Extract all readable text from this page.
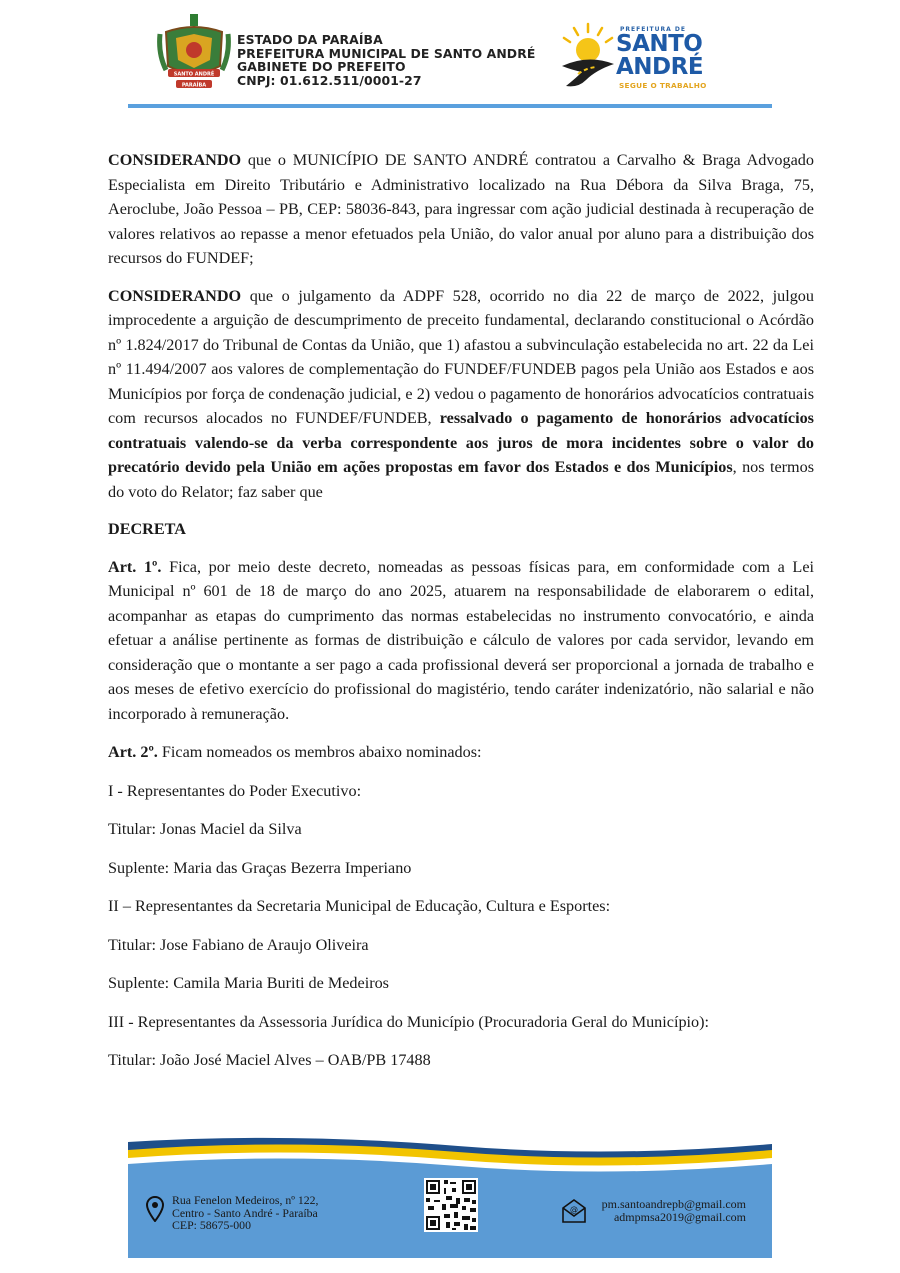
SANTO ANDRÉ
PARAÍBA
ESTADO DA PARAÍBA
PREFEITURA MUNICIPAL DE SANTO ANDRÉ
GABINETE DO PREFEITO
CNPJ: 01.612.511/0001-27
PREFEITURA DE
SANTO
ANDRÉ
SEGUE O TRABALHO

CONSIDERANDO que o MUNICÍPIO DE SANTO ANDRÉ contratou a Carvalho & Braga Advogado Especialista em Direito Tributário e Administrativo localizado na Rua Débora da Silva Braga, 75, Aeroclube, João Pessoa – PB, CEP: 58036-843, para ingressar com ação judicial destinada à recuperação de valores relativos ao repasse a menor efetuados pela União, do valor anual por aluno para a distribuição dos recursos do FUNDEF;

CONSIDERANDO que o julgamento da ADPF 528, ocorrido no dia 22 de março de 2022, julgou improcedente a arguição de descumprimento de preceito fundamental, declarando constitucional o Acórdão nº 1.824/2017 do Tribunal de Contas da União, que 1) afastou a subvinculação estabelecida no art. 22 da Lei nº 11.494/2007 aos valores de complementação do FUNDEF/FUNDEB pagos pela União aos Estados e aos Municípios por força de condenação judicial, e 2) vedou o pagamento de honorários advocatícios contratuais com recursos alocados no FUNDEF/FUNDEB, ressalvado o pagamento de honorários advocatícios contratuais valendo-se da verba correspondente aos juros de mora incidentes sobre o valor do precatório devido pela União em ações propostas em favor dos Estados e dos Municípios, nos termos do voto do Relator; faz saber que

DECRETA

Art. 1º. Fica, por meio deste decreto, nomeadas as pessoas físicas para, em conformidade com a Lei Municipal nº 601 de 18 de março do ano 2025, atuarem na responsabilidade de elaborarem o edital, acompanhar as etapas do cumprimento das normas estabelecidas no instrumento convocatório, e ainda efetuar a análise pertinente as formas de distribuição e cálculo de valores por cada servidor, levando em consideração que o montante a ser pago a cada profissional deverá ser proporcional a jornada de trabalho e aos meses de efetivo exercício do profissional do magistério, tendo caráter indenizatório, não salarial e não incorporado à remuneração.

Art. 2º. Ficam nomeados os membros abaixo nominados:

I - Representantes do Poder Executivo:

Titular: Jonas Maciel da Silva

Suplente: Maria das Graças Bezerra Imperiano

II – Representantes da Secretaria Municipal de Educação, Cultura e Esportes:

Titular: Jose Fabiano de Araujo Oliveira

Suplente: Camila Maria Buriti de Medeiros

III - Representantes da Assessoria Jurídica do Município (Procuradoria Geral do Município):

Titular: João José Maciel Alves – OAB/PB 17488

Rua Fenelon Medeiros, nº 122,
Centro - Santo André - Paraíba
CEP: 58675-000
@	pm.santoandrepb@gmail.com
admpmsa2019@gmail.com
